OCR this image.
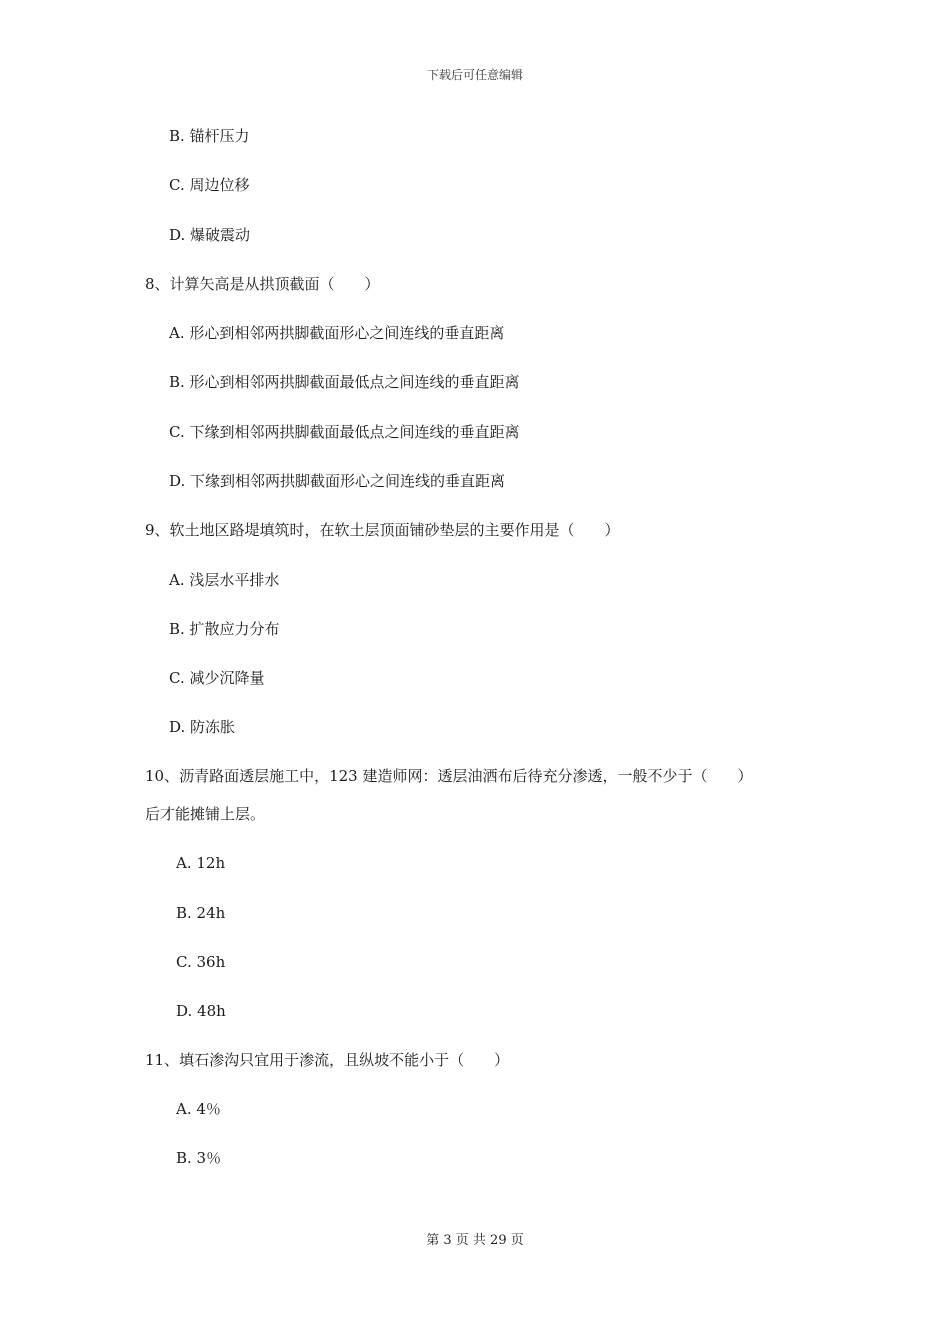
下载后可任意编辑
B. 锚杆压力
C. 周边位移
D. 爆破震动
8、计算矢高是从拱顶截面（　　）
A. 形心到相邻两拱脚截面形心之间连线的垂直距离
B. 形心到相邻两拱脚截面最低点之间连线的垂直距离
C. 下缘到相邻两拱脚截面最低点之间连线的垂直距离
D. 下缘到相邻两拱脚截面形心之间连线的垂直距离
9、软土地区路堤填筑时，在软土层顶面铺砂垫层的主要作用是（　　）
A. 浅层水平排水
B. 扩散应力分布
C. 减少沉降量
D. 防冻胀
10、沥青路面透层施工中，123 建造师网：透层油洒布后待充分渗透，一般不少于（　　）
后才能摊铺上层。
A. 12h
B. 24h
C. 36h
D. 48h
11、填石渗沟只宜用于渗流，且纵坡不能小于（　　）
A. 4％
B. 3％
第 3 页 共 29 页
